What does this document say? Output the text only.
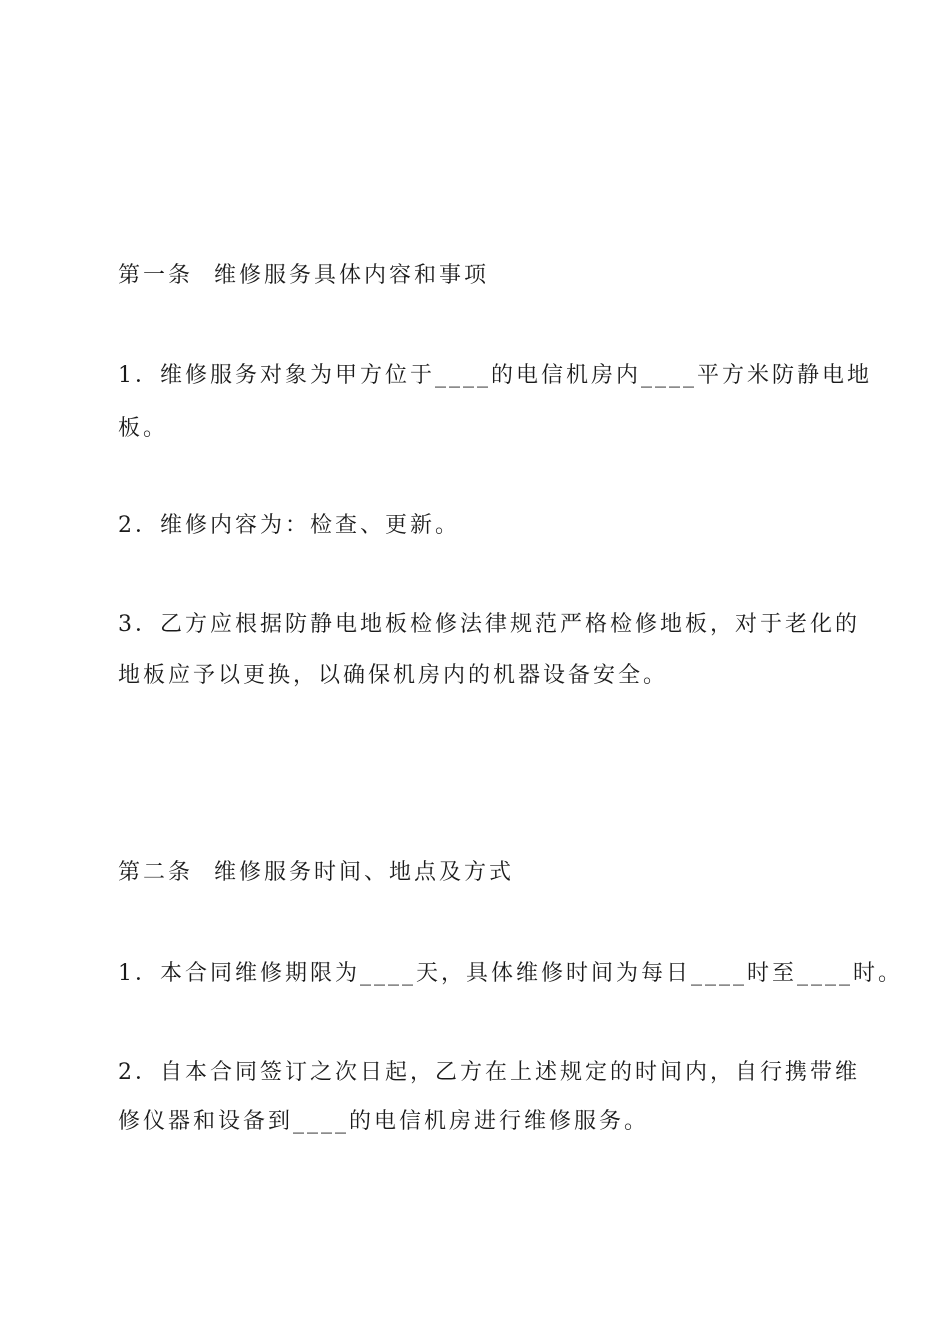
第一条 维修服务具体内容和事项
1．维修服务对象为甲方位于____的电信机房内____平方米防静电地
板。
2．维修内容为：检查、更新。
3．乙方应根据防静电地板检修法律规范严格检修地板，对于老化的
地板应予以更换，以确保机房内的机器设备安全。
第二条 维修服务时间、地点及方式
1．本合同维修期限为____天，具体维修时间为每日____时至____时。
2．自本合同签订之次日起，乙方在上述规定的时间内，自行携带维
修仪器和设备到____的电信机房进行维修服务。
